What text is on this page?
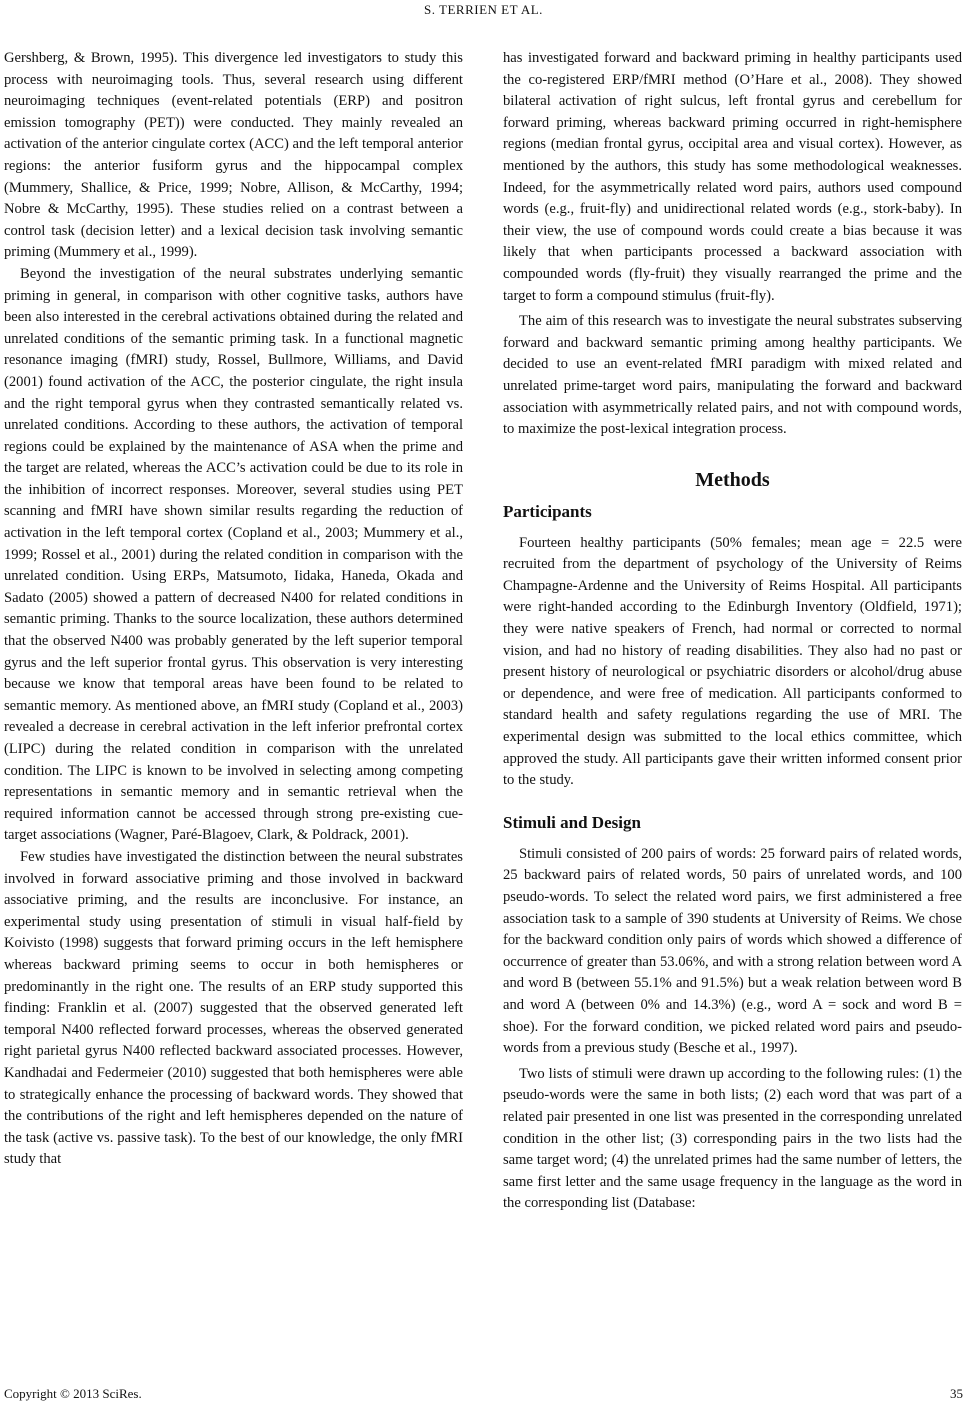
S. TERRIEN ET AL.

Gershberg, & Brown, 1995). This divergence led investigators to study this process with neuroimaging tools. Thus, several research using different neuroimaging techniques (event-related potentials (ERP) and positron emission tomography (PET)) were conducted. They mainly revealed an activation of the anterior cingulate cortex (ACC) and the left temporal anterior regions: the anterior fusiform gyrus and the hippocampal complex (Mummery, Shallice, & Price, 1999; Nobre, Allison, & McCarthy, 1994; Nobre & McCarthy, 1995). These studies relied on a contrast between a control task (decision letter) and a lexical decision task involving semantic priming (Mummery et al., 1999).

Beyond the investigation of the neural substrates underlying semantic priming in general, in comparison with other cognitive tasks, authors have been also interested in the cerebral activations obtained during the related and unrelated conditions of the semantic priming task. In a functional magnetic resonance imaging (fMRI) study, Rossel, Bullmore, Williams, and David (2001) found activation of the ACC, the posterior cingulate, the right insula and the right temporal gyrus when they contrasted semantically related vs. unrelated conditions. According to these authors, the activation of temporal regions could be explained by the maintenance of ASA when the prime and the target are related, whereas the ACC’s activation could be due to its role in the inhibition of incorrect responses. Moreover, several studies using PET scanning and fMRI have shown similar results regarding the reduction of activation in the left temporal cortex (Copland et al., 2003; Mummery et al., 1999; Rossel et al., 2001) during the related condition in comparison with the unrelated condition. Using ERPs, Matsumoto, Iidaka, Haneda, Okada and Sadato (2005) showed a pattern of decreased N400 for related conditions in semantic priming. Thanks to the source localization, these authors determined that the observed N400 was probably generated by the left superior temporal gyrus and the left superior frontal gyrus. This observation is very interesting because we know that temporal areas have been found to be related to semantic memory. As mentioned above, an fMRI study (Copland et al., 2003) revealed a decrease in cerebral activation in the left inferior prefrontal cortex (LIPC) during the related condition in comparison with the unrelated condition. The LIPC is known to be involved in selecting among competing representations in semantic memory and in semantic retrieval when the required information cannot be accessed through strong pre-existing cue-target associations (Wagner, Paré-Blagoev, Clark, & Poldrack, 2001).

Few studies have investigated the distinction between the neural substrates involved in forward associative priming and those involved in backward associative priming, and the results are inconclusive. For instance, an experimental study using presentation of stimuli in visual half-field by Koivisto (1998) suggests that forward priming occurs in the left hemisphere whereas backward priming seems to occur in both hemispheres or predominantly in the right one. The results of an ERP study supported this finding: Franklin et al. (2007) suggested that the observed generated left temporal N400 reflected forward processes, whereas the observed generated right parietal gyrus N400 reflected backward associated processes. However, Kandhadai and Federmeier (2010) suggested that both hemispheres were able to strategically enhance the processing of backward words. They showed that the contributions of the right and left hemispheres depended on the nature of the task (active vs. passive task). To the best of our knowledge, the only fMRI study that

has investigated forward and backward priming in healthy participants used the co-registered ERP/fMRI method (O’Hare et al., 2008). They showed bilateral activation of right sulcus, left frontal gyrus and cerebellum for forward priming, whereas backward priming occurred in right-hemisphere regions (median frontal gyrus, occipital area and visual cortex). However, as mentioned by the authors, this study has some methodological weaknesses. Indeed, for the asymmetrically related word pairs, authors used compound words (e.g., fruit-fly) and unidirectional related words (e.g., stork-baby). In their view, the use of compound words could create a bias because it was likely that when participants processed a backward association with compounded words (fly-fruit) they visually rearranged the prime and the target to form a compound stimulus (fruit-fly).

The aim of this research was to investigate the neural substrates subserving forward and backward semantic priming among healthy participants. We decided to use an event-related fMRI paradigm with mixed related and unrelated prime-target word pairs, manipulating the forward and backward association with asymmetrically related pairs, and not with compound words, to maximize the post-lexical integration process.

Methods
Participants

Fourteen healthy participants (50% females; mean age = 22.5 were recruited from the department of psychology of the University of Reims Champagne-Ardenne and the University of Reims Hospital. All participants were right-handed according to the Edinburgh Inventory (Oldfield, 1971); they were native speakers of French, had normal or corrected to normal vision, and had no history of reading disabilities. They also had no past or present history of neurological or psychiatric disorders or alcohol/drug abuse or dependence, and were free of medication. All participants conformed to standard health and safety regulations regarding the use of MRI. The experimental design was submitted to the local ethics committee, which approved the study. All participants gave their written informed consent prior to the study.

Stimuli and Design

Stimuli consisted of 200 pairs of words: 25 forward pairs of related words, 25 backward pairs of related words, 50 pairs of unrelated words, and 100 pseudo-words. To select the related word pairs, we first administered a free association task to a sample of 390 students at University of Reims. We chose for the backward condition only pairs of words which showed a difference of occurrence of greater than 53.06%, and with a strong relation between word A and word B (between 55.1% and 91.5%) but a weak relation between word B and word A (between 0% and 14.3%) (e.g., word A = sock and word B = shoe). For the forward condition, we picked related word pairs and pseudo-words from a previous study (Besche et al., 1997).

Two lists of stimuli were drawn up according to the following rules: (1) the pseudo-words were the same in both lists; (2) each word that was part of a related pair presented in one list was presented in the corresponding unrelated condition in the other list; (3) corresponding pairs in the two lists had the same target word; (4) the unrelated primes had the same number of letters, the same first letter and the same usage frequency in the language as the word in the corresponding list (Database:

Copyright © 2013 SciRes.	35
